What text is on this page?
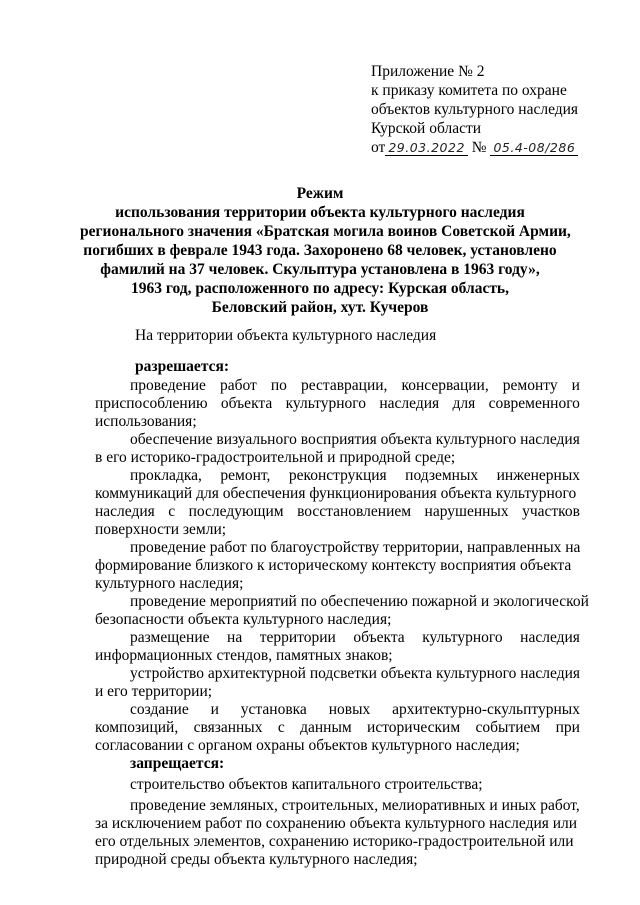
Приложение № 2
к приказу комитета по охране
объектов культурного наследия
Курской области
от 29.03.2022 № 05.4-08/286
Режим
использования территории объекта культурного наследия
регионального значения «Братская могила воинов Советской Армии,
погибших в феврале 1943 года. Захоронено 68 человек, установлено
фамилий на 37 человек. Скульптура установлена в 1963 году»,
1963 год, расположенного по адресу: Курская область,
Беловский район, хут. Кучеров
На территории объекта культурного наследия
разрешается:
проведение работ по реставрации, консервации, ремонту и
приспособлению объекта культурного наследия для современного
использования;
обеспечение визуального восприятия объекта культурного наследия
в его историко-градостроительной и природной среде;
прокладка, ремонт, реконструкция подземных инженерных
коммуникаций для обеспечения функционирования объекта культурного
наследия с последующим восстановлением нарушенных участков
поверхности земли;
проведение работ по благоустройству территории, направленных на
формирование близкого к историческому контексту восприятия объекта
культурного наследия;
проведение мероприятий по обеспечению пожарной и экологической
безопасности объекта культурного наследия;
размещение на территории объекта культурного наследия
информационных стендов, памятных знаков;
устройство архитектурной подсветки объекта культурного наследия
и его территории;
создание и установка новых архитектурно-скульптурных
композиций, связанных с данным историческим событием при
согласовании с органом охраны объектов культурного наследия;
запрещается:
строительство объектов капитального строительства;
проведение земляных, строительных, мелиоративных и иных работ,
за исключением работ по сохранению объекта культурного наследия или
его отдельных элементов, сохранению историко-градостроительной или
природной среды объекта культурного наследия;
